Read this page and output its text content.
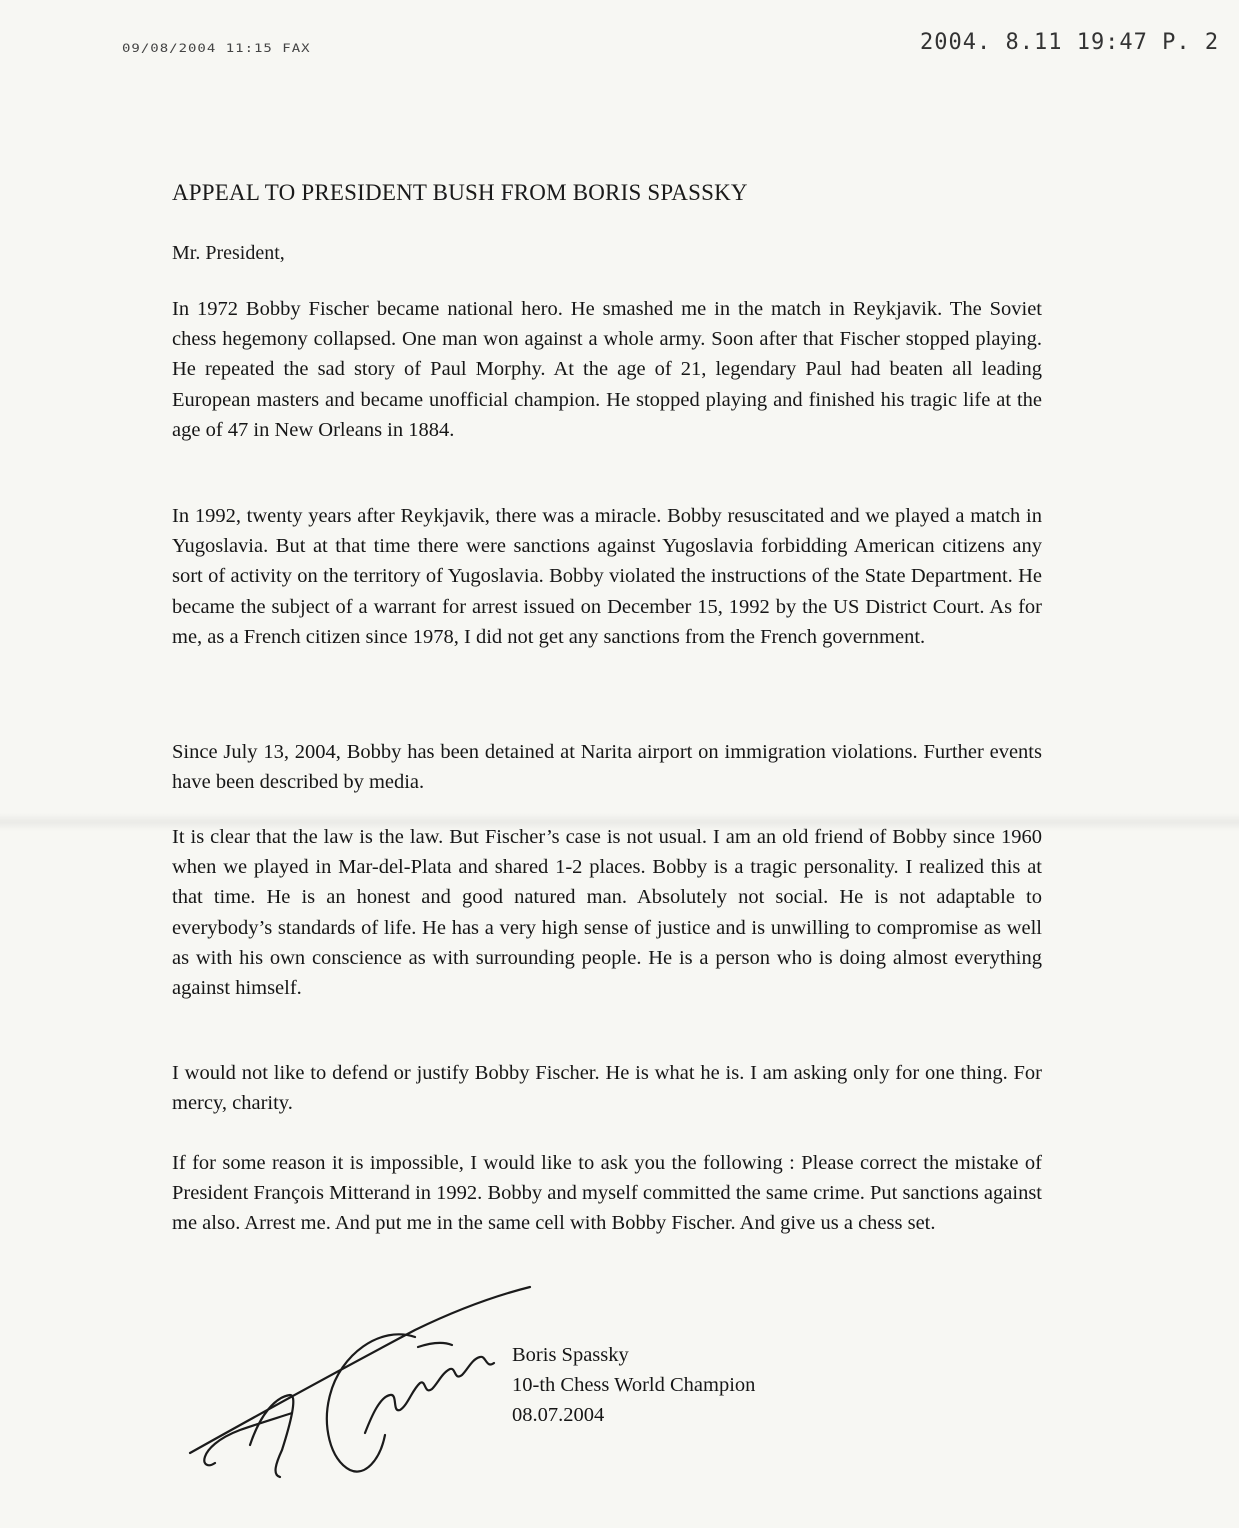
09/08/2004 11:15 FAX	2004. 8.11 19:47 P. 2
APPEAL TO PRESIDENT BUSH FROM BORIS SPASSKY
Mr. President,

In 1972 Bobby Fischer became national hero. He smashed me in the match in Reykjavik. The Soviet chess hegemony collapsed. One man won against a whole army. Soon after that Fischer stopped playing. He repeated the sad story of Paul Morphy. At the age of 21, legendary Paul had beaten all leading European masters and became unofficial champion. He stopped playing and finished his tragic life at the age of 47 in New Orleans in 1884.

In 1992, twenty years after Reykjavik, there was a miracle. Bobby resuscitated and we played a match in Yugoslavia. But at that time there were sanctions against Yugoslavia forbidding American citizens any sort of activity on the territory of Yugoslavia. Bobby violated the instructions of the State Department. He became the subject of a warrant for arrest issued on December 15, 1992 by the US District Court. As for me, as a French citizen since 1978, I did not get any sanctions from the French government.

Since July 13, 2004, Bobby has been detained at Narita airport on immigration violations. Further events have been described by media.

It is clear that the law is the law. But Fischer’s case is not usual. I am an old friend of Bobby since 1960 when we played in Mar-del-Plata and shared 1-2 places. Bobby is a tragic personality. I realized this at that time. He is an honest and good natured man. Absolutely not social. He is not adaptable to everybody’s standards of life. He has a very high sense of justice and is unwilling to compromise as well as with his own conscience as with surrounding people. He is a person who is doing almost everything against himself.

I would not like to defend or justify Bobby Fischer. He is what he is. I am asking only for one thing. For mercy, charity.

If for some reason it is impossible, I would like to ask you the following : Please correct the mistake of President François Mitterand in 1992. Bobby and myself committed the same crime. Put sanctions against me also. Arrest me. And put me in the same cell with Bobby Fischer. And give us a chess set.

Boris Spassky
10-th Chess World Champion
08.07.2004
